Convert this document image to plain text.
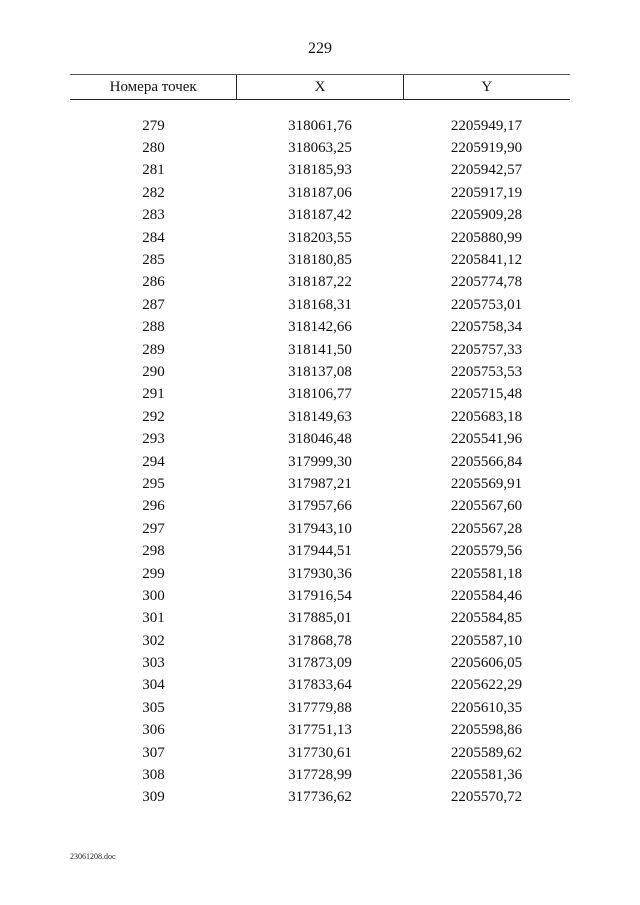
229
Номера точек	X	Y
279	318061,76	2205949,17
280	318063,25	2205919,90
281	318185,93	2205942,57
282	318187,06	2205917,19
283	318187,42	2205909,28
284	318203,55	2205880,99
285	318180,85	2205841,12
286	318187,22	2205774,78
287	318168,31	2205753,01
288	318142,66	2205758,34
289	318141,50	2205757,33
290	318137,08	2205753,53
291	318106,77	2205715,48
292	318149,63	2205683,18
293	318046,48	2205541,96
294	317999,30	2205566,84
295	317987,21	2205569,91
296	317957,66	2205567,60
297	317943,10	2205567,28
298	317944,51	2205579,56
299	317930,36	2205581,18
300	317916,54	2205584,46
301	317885,01	2205584,85
302	317868,78	2205587,10
303	317873,09	2205606,05
304	317833,64	2205622,29
305	317779,88	2205610,35
306	317751,13	2205598,86
307	317730,61	2205589,62
308	317728,99	2205581,36
309	317736,62	2205570,72
23061208.doc
